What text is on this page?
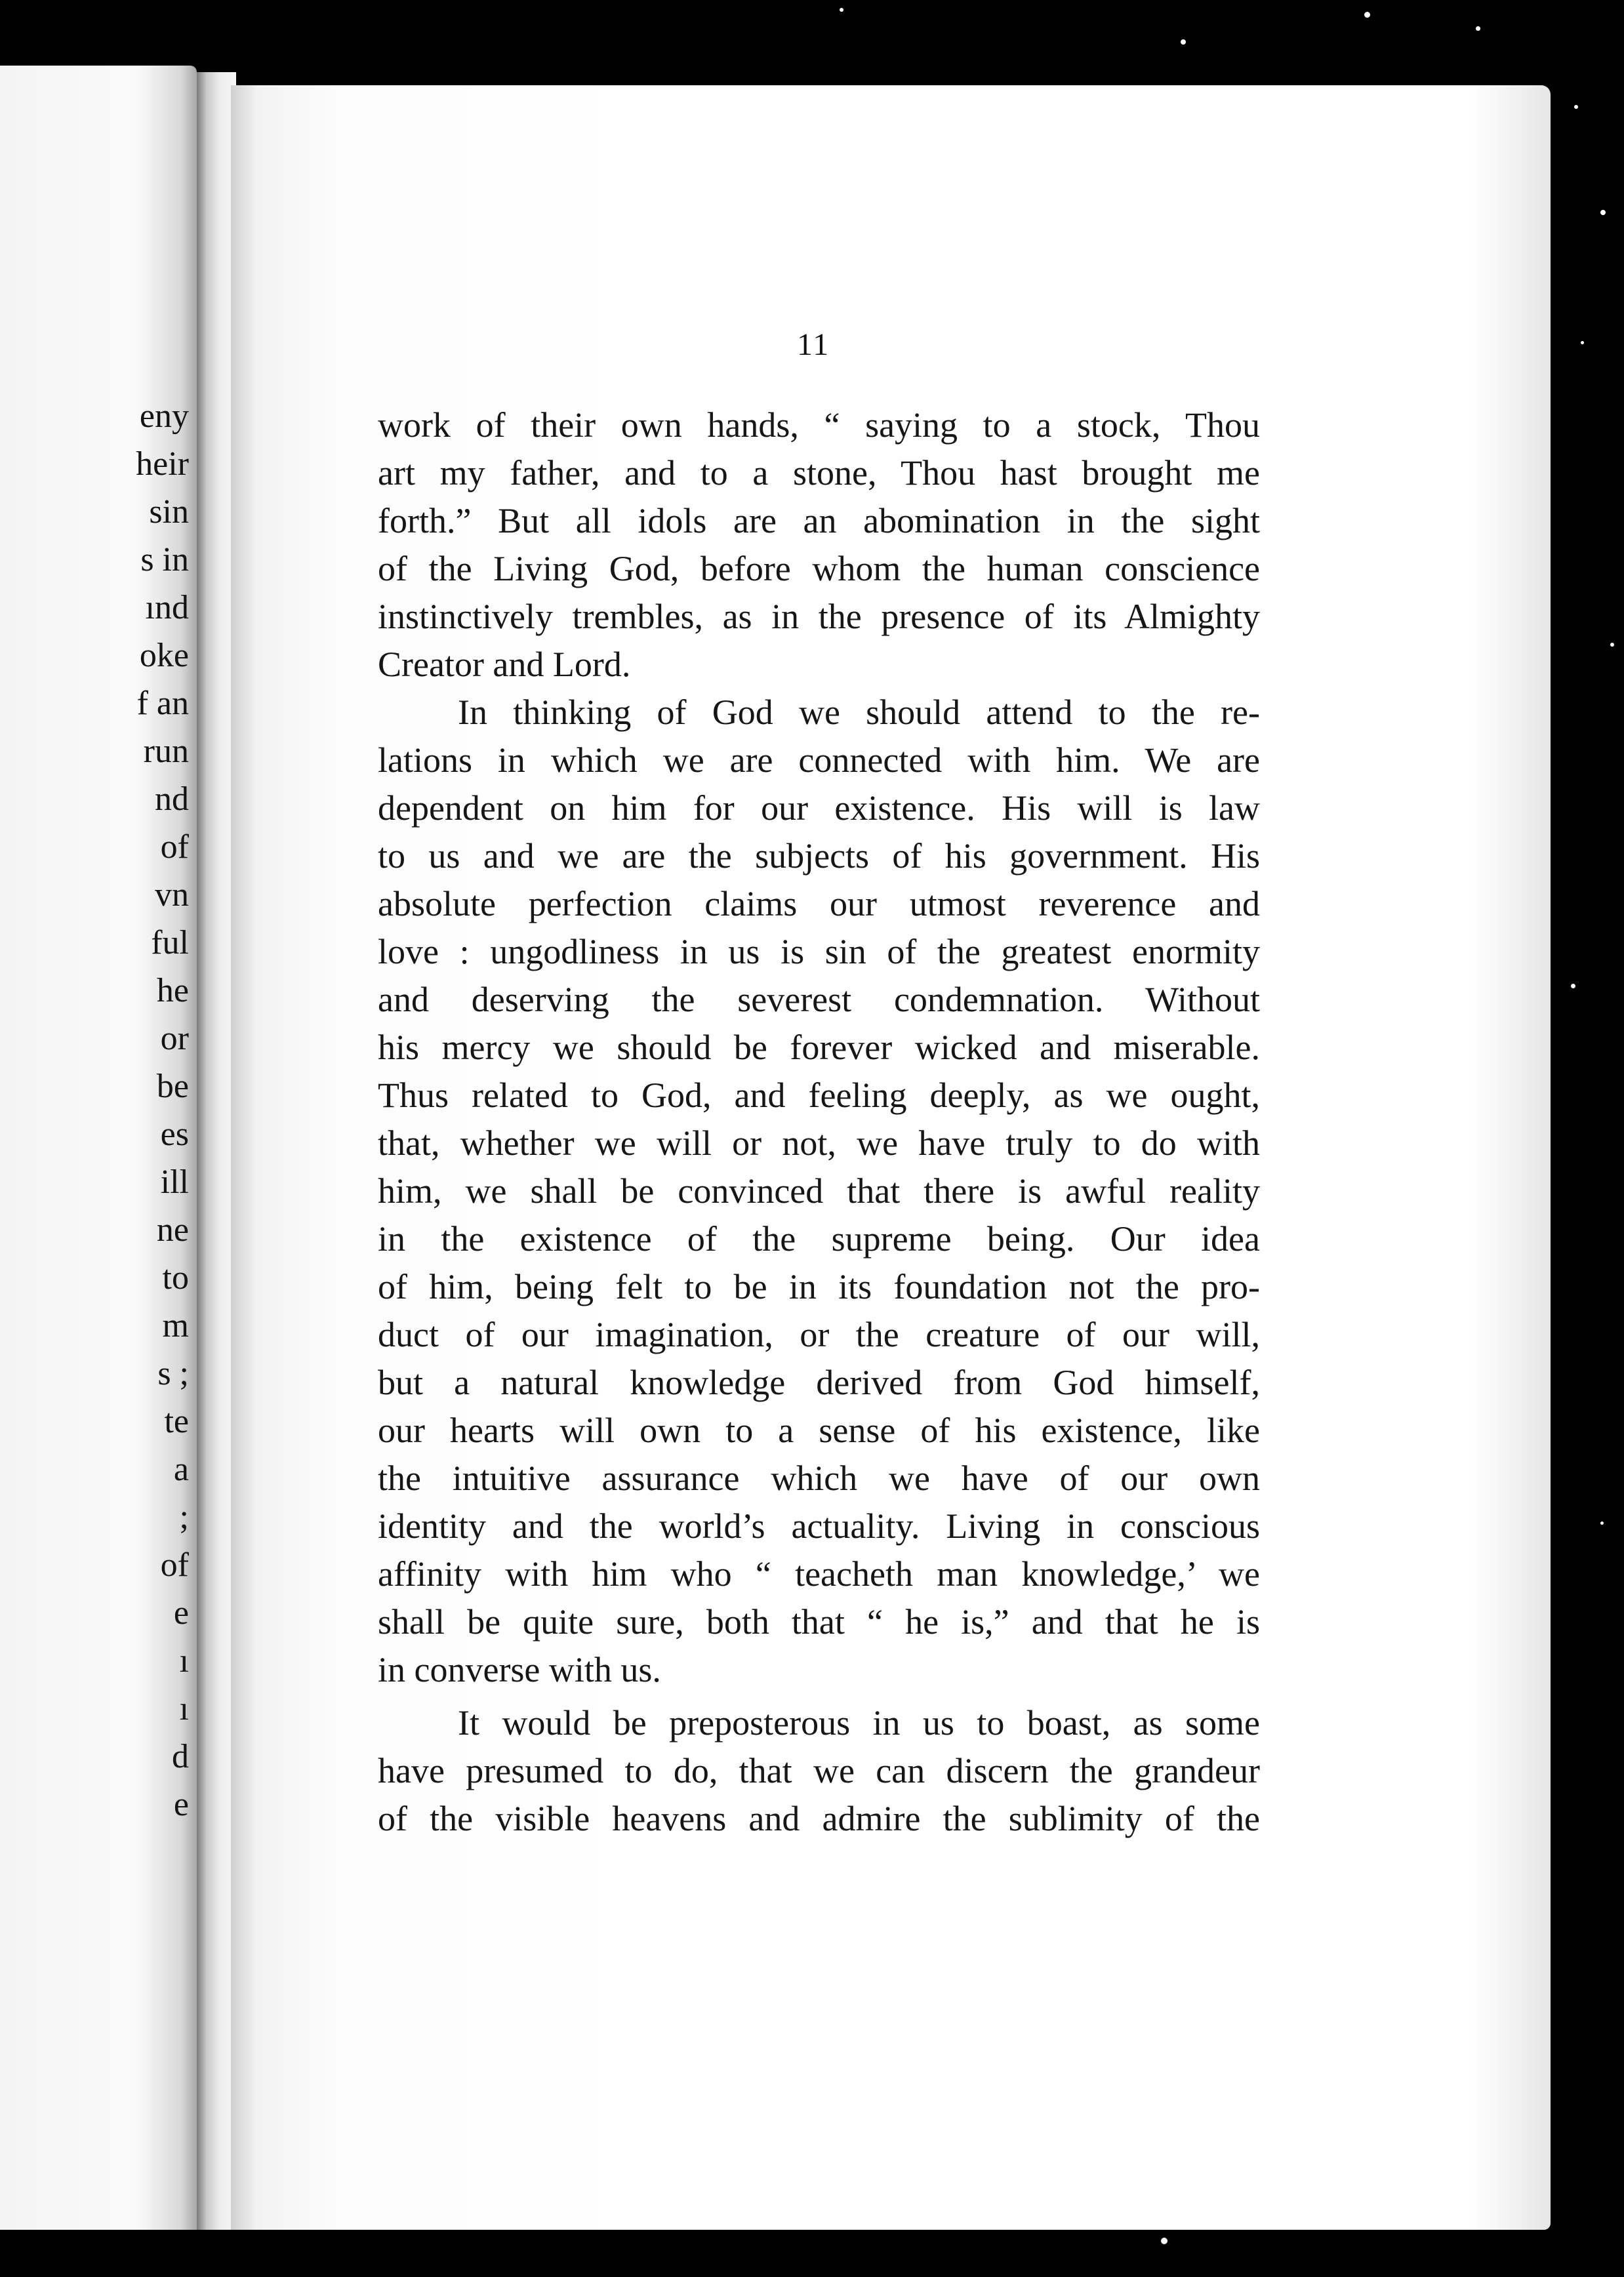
eny
heir
sin
s in
ınd
oke
f an
run
nd
of
vn
ful
he
or
be
es
ill
ne
to
m
s ;
te
a
;
of
e
ı
ı
d
e
11
work of their own hands, “ saying to a stock, Thou
art my father, and to a stone, Thou hast brought me
forth.” But all idols are an abomination in the sight
of the Living God, before whom the human conscience
instinctively trembles, as in the presence of its Almighty
Creator and Lord.
In thinking of God we should attend to the re-
lations in which we are connected with him. We are
dependent on him for our existence. His will is law
to us and we are the subjects of his government. His
absolute perfection claims our utmost reverence and
love : ungodliness in us is sin of the greatest enormity
and deserving the severest condemnation. Without
his mercy we should be forever wicked and miserable.
Thus related to God, and feeling deeply, as we ought,
that, whether we will or not, we have truly to do with
him, we shall be convinced that there is awful reality
in the existence of the supreme being. Our idea
of him, being felt to be in its foundation not the pro-
duct of our imagination, or the creature of our will,
but a natural knowledge derived from God himself,
our hearts will own to a sense of his existence, like
the intuitive assurance which we have of our own
identity and the world’s actuality. Living in conscious
affinity with him who “ teacheth man knowledge,’ we
shall be quite sure, both that “ he is,” and that he is
in converse with us.
It would be preposterous in us to boast, as some
have presumed to do, that we can discern the grandeur
of the visible heavens and admire the sublimity of the
